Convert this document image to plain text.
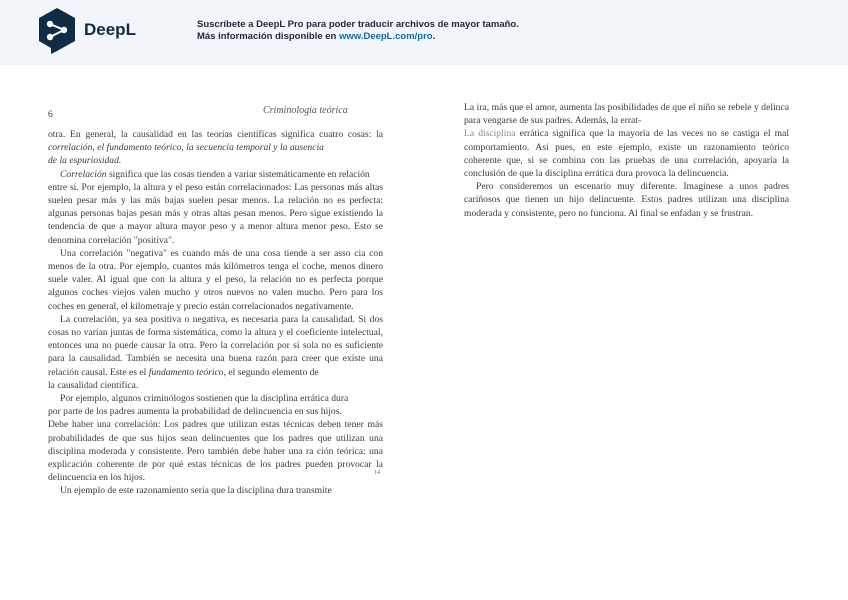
DeepL	Suscríbete a DeepL Pro para poder traducir archivos de mayor tamaño.
Más información disponible en www.DeepL.com/pro.
6	Criminología teórica

otra. En general, la causalidad en las teorías científicas significa cuatro cosas: la correlación, el fundamento teórico, la secuencia temporal y la ausencia

de la espuriosidad.

Correlación significa que las cosas tienden a variar sistemáticamente en relación

entre sí. Por ejemplo, la altura y el peso están correlacionados: Las personas más altas suelen pesar más y las más bajas suelen pesar menos. La relación no es perfecta: algunas personas bajas pesan más y otras altas pesan menos. Pero sigue existiendo la tendencia de que a mayor altura mayor peso y a menor altura menor peso. Esto se denomina correlación "positiva".

Una correlación "negativa" es cuando más de una cosa tiende a ser asso cia con menos de la otra. Por ejemplo, cuantos más kilómetros tenga el coche, menos dinero suele valer. Al igual que con la altura y el peso, la relación no es perfecta porque algunos coches viejos valen mucho y otros nuevos no valen mucho. Pero para los coches en general, el kilometraje y precio están correlacionados negativamente.

La correlación, ya sea positiva o negativa, es necesaria para la causalidad. Si dos cosas no varían juntas de forma sistemática, como la altura y el coeficiente intelectual, entonces una no puede causar la otra. Pero la correlación por sí sola no es suficiente para la causalidad. También se necesita una buena razón para creer que existe una relación causal. Este es el fundamento teórico, el segundo elemento de

la causalidad científica.

Por ejemplo, algunos criminólogos sostienen que la disciplina errática dura

por parte de los padres aumenta la probabilidad de delincuencia en sus hijos.

Debe haber una correlación: Los padres que utilizan estas técnicas deben tener más probabilidades de que sus hijos sean delincuentes que los padres que utilizan una disciplina moderada y consistente. Pero también debe haber una ra ción teórica: una explicación coherente de por qué estas técnicas de los padres pueden provocar la delincuencia en los hijos.

Un ejemplo de este razonamiento sería que la disciplina dura transmite

14

La ira, más que el amor, aumenta las posibilidades de que el niño se rebele y delinca para vengarse de sus padres. Además, la errat-

La disciplina errática significa que la mayoría de las veces no se castiga el mal comportamiento. Así pues, en este ejemplo, existe un razonamiento teórico coherente que, si se combina con las pruebas de una correlación, apoyaría la conclusión de que la disciplina errática dura provoca la delincuencia.

Pero consideremos un escenario muy diferente. Imagínese a unos padres cariñosos que tienen un hijo delincuente. Estos padres utilizan una disciplina moderada y consistente, pero no funciona. Al final se enfadan y se frustran.
